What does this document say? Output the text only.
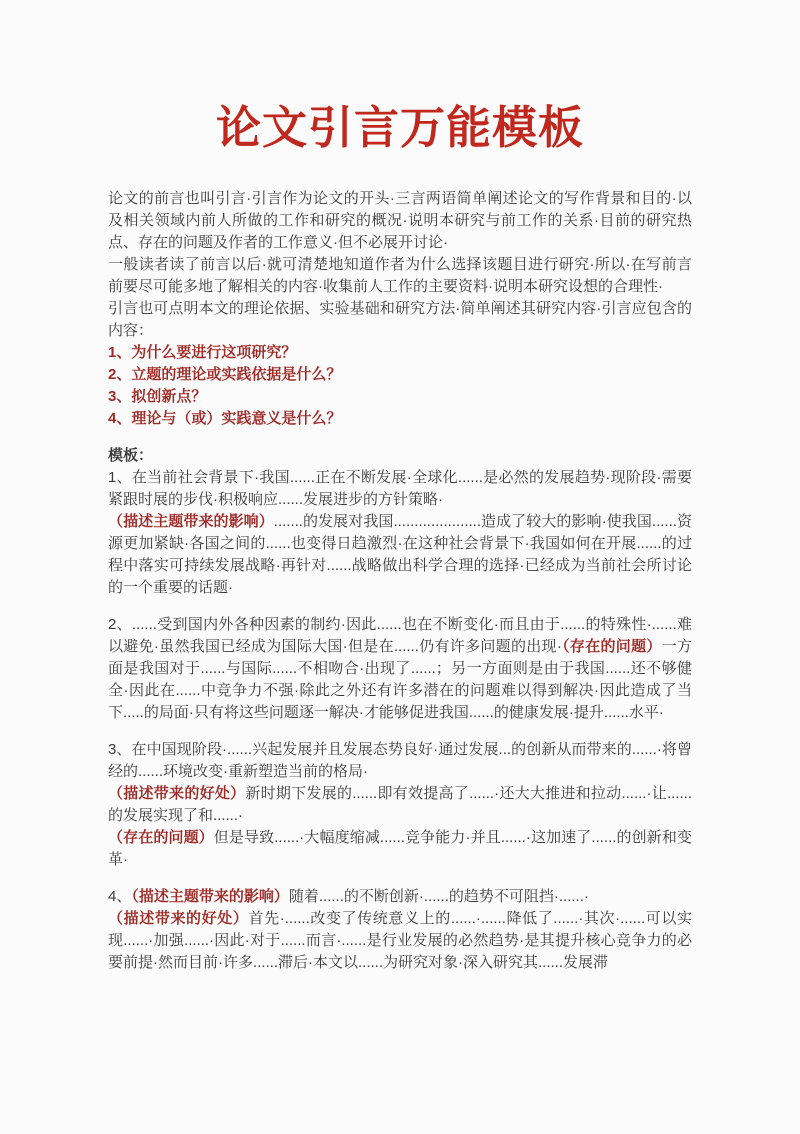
论文引言万能模板

论文的前言也叫引言·引言作为论文的开头·三言两语简单阐述论文的写作背景和目的·以及相关领域内前人所做的工作和研究的概况·说明本研究与前工作的关系·目前的研究热点、存在的问题及作者的工作意义·但不必展开讨论·

一般读者读了前言以后·就可清楚地知道作者为什么选择该题目进行研究·所以·在写前言前要尽可能多地了解相关的内容·收集前人工作的主要资料·说明本研究设想的合理性·

引言也可点明本文的理论依据、实验基础和研究方法·简单阐述其研究内容·引言应包含的内容：

1、为什么要进行这项研究？

2、立题的理论或实践依据是什么？

3、拟创新点？

4、理论与（或）实践意义是什么？

模板：

1、在当前社会背景下·我国......正在不断发展·全球化......是必然的发展趋势·现阶段·需要紧跟时展的步伐·积极响应......发展进步的方针策略·

（描述主题带来的影响）.......的发展对我国.....................造成了较大的影响·使我国......资源更加紧缺·各国之间的......也变得日趋激烈·在这种社会背景下·我国如何在开展......的过程中落实可持续发展战略·再针对......战略做出科学合理的选择·已经成为当前社会所讨论的一个重要的话题·

2、......受到国内外各种因素的制约·因此......也在不断变化·而且由于......的特殊性·......难以避免·虽然我国已经成为国际大国·但是在......仍有许多问题的出现·（存在的问题）一方面是我国对于......与国际......不相吻合·出现了......；另一方面则是由于我国......还不够健全·因此在......中竞争力不强·除此之外还有许多潜在的问题难以得到解决·因此造成了当下.....的局面·只有将这些问题逐一解决·才能够促进我国......的健康发展·提升......水平·

3、在中国现阶段·......兴起发展并且发展态势良好·通过发展...的创新从而带来的......·将曾经的......环境改变·重新塑造当前的格局·

（描述带来的好处）新时期下发展的......即有效提高了......·还大大推进和拉动......·让......的发展实现了和......·

（存在的问题）但是导致......·大幅度缩减......竞争能力·并且......·这加速了......的创新和变革·

4、（描述主题带来的影响）随着......的不断创新·......的趋势不可阻挡·......·

（描述带来的好处）首先·......改变了传统意义上的......·......降低了......·其次·......可以实现......·加强......·因此·对于......而言·......是行业发展的必然趋势·是其提升核心竞争力的必要前提·然而目前·许多......滞后·本文以......为研究对象·深入研究其......发展滞
